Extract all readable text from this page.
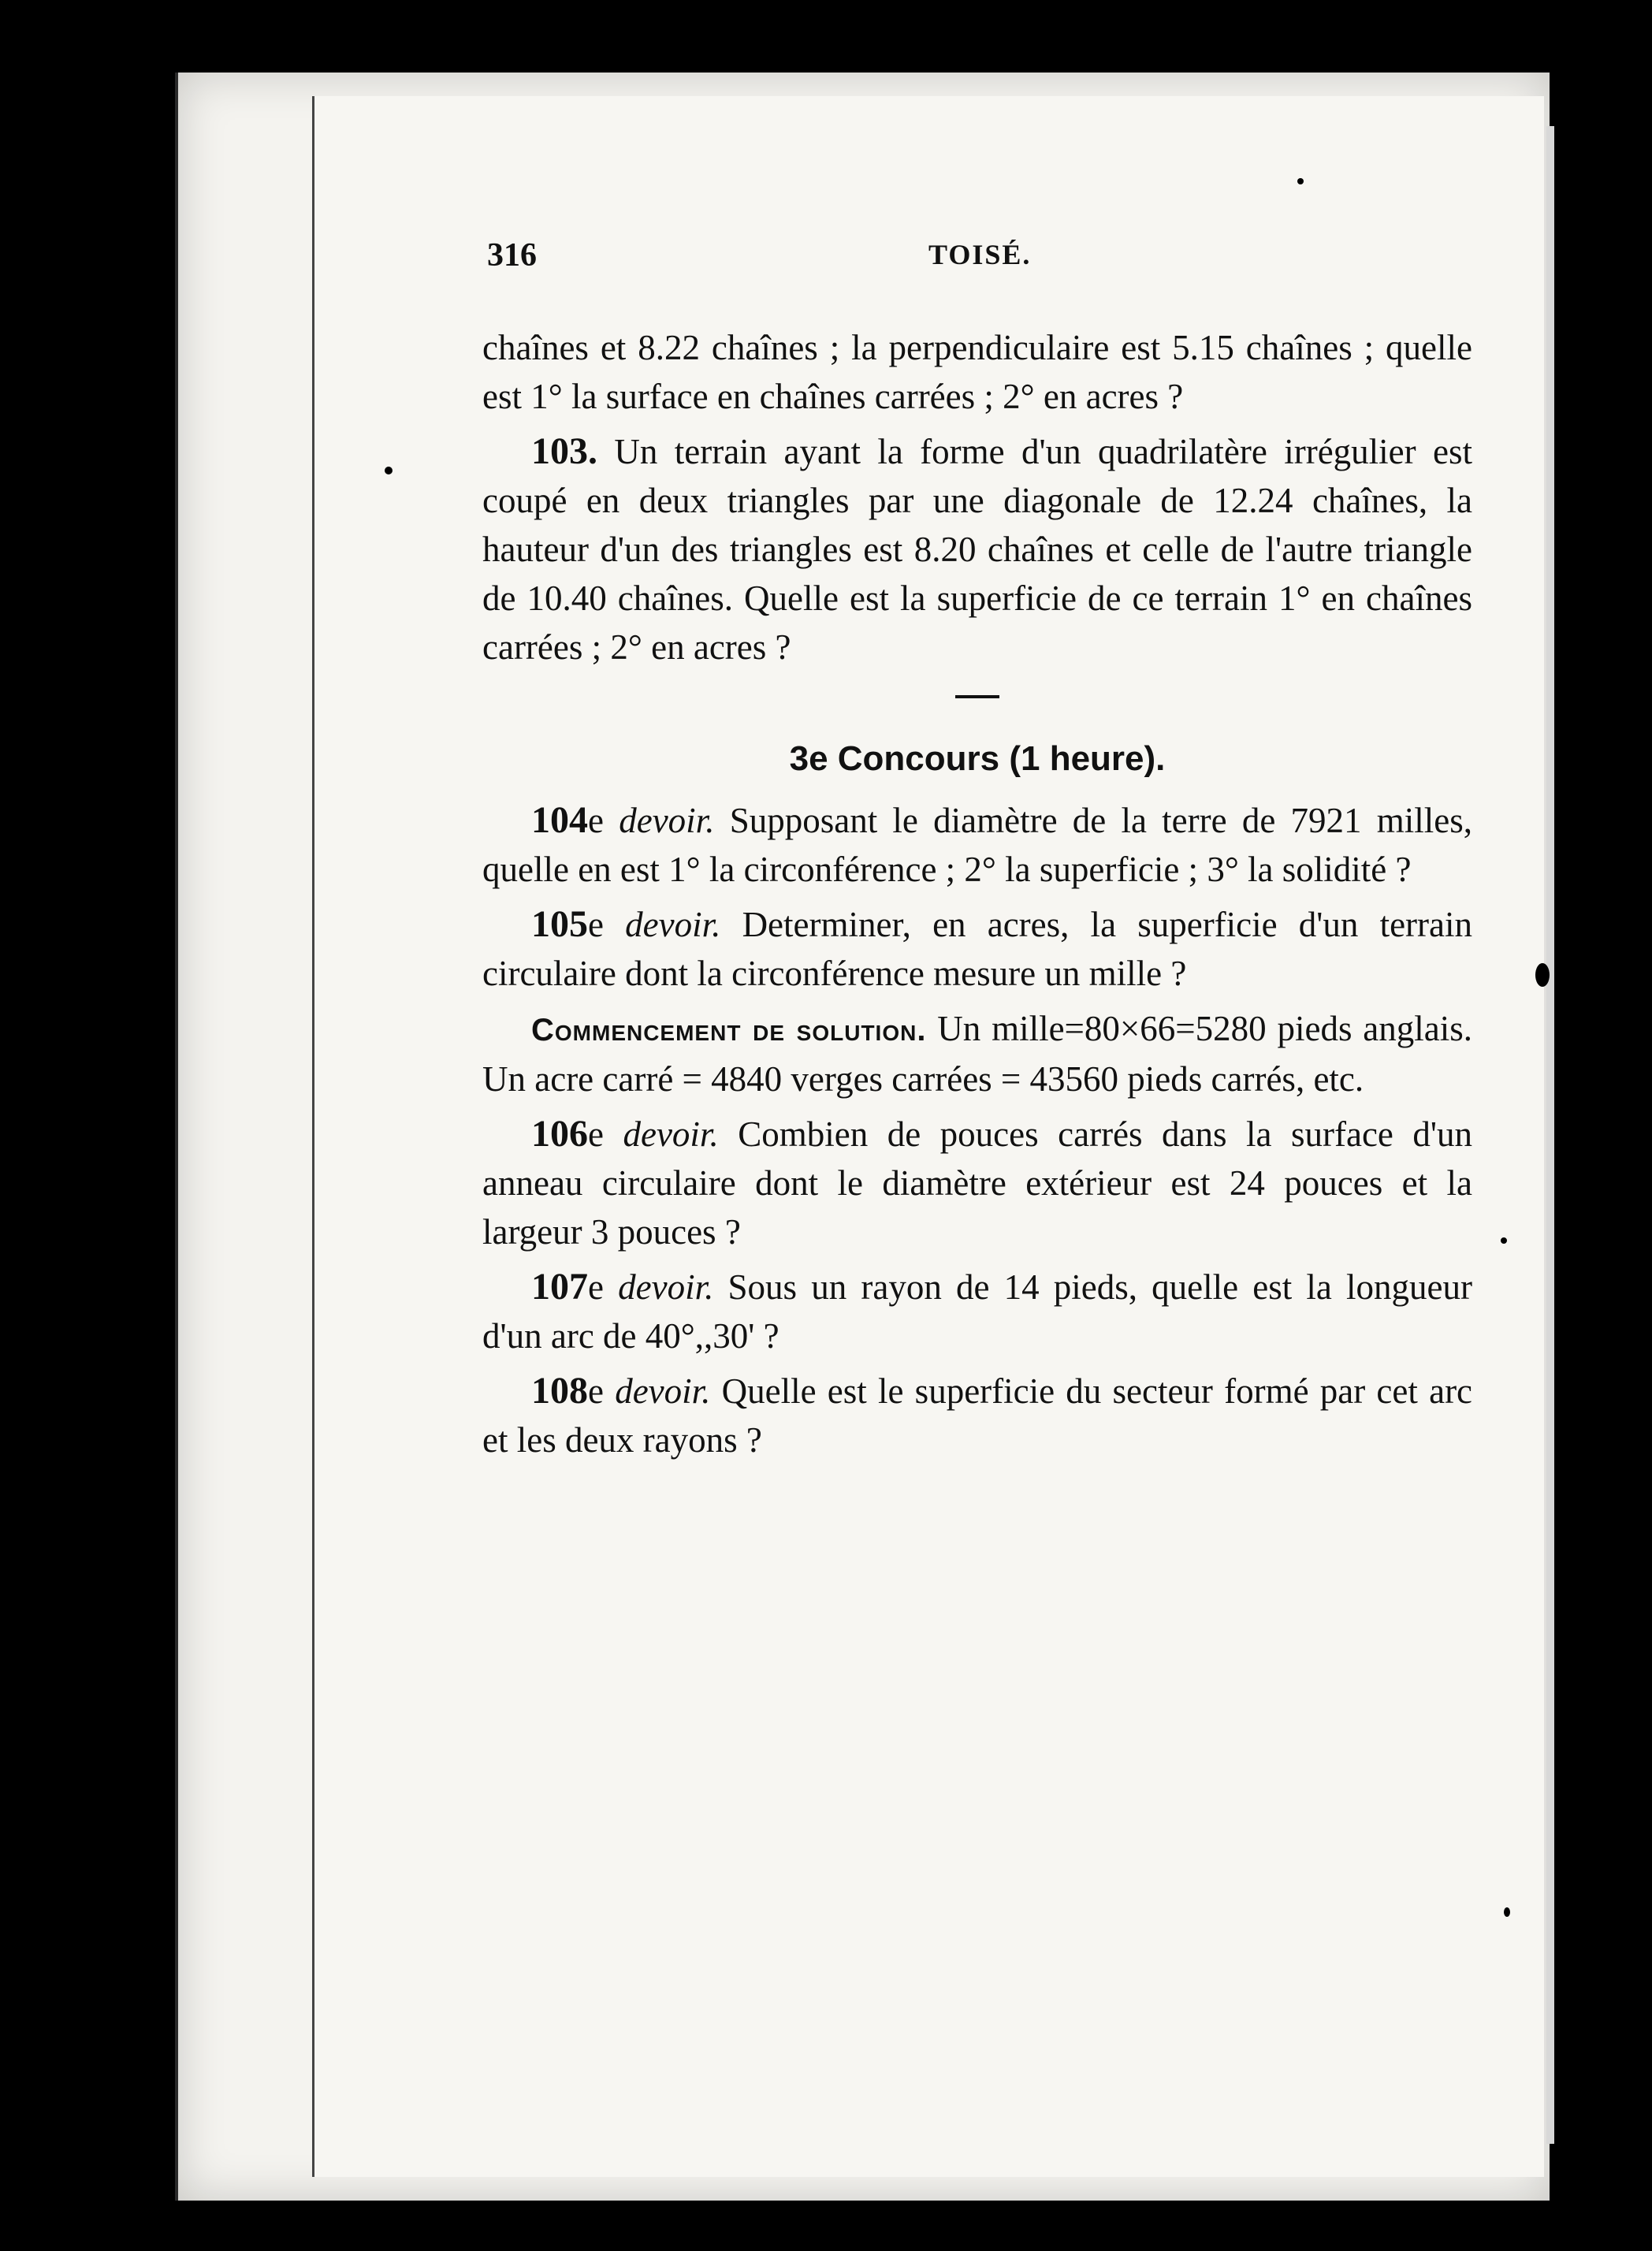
316	TOISÉ.

chaînes et 8.22 chaînes ; la perpendiculaire est 5.15 chaînes ; quelle est 1° la surface en chaînes carrées ; 2° en acres ?

103. Un terrain ayant la forme d'un quadrilatère irrégulier est coupé en deux triangles par une diagonale de 12.24 chaînes, la hauteur d'un des triangles est 8.20 chaînes et celle de l'autre triangle de 10.40 chaînes. Quelle est la superficie de ce terrain 1° en chaînes carrées ; 2° en acres ?

3e Concours (1 heure).

104e devoir. Supposant le diamètre de la terre de 7921 milles, quelle en est 1° la circonférence ; 2° la superficie ; 3° la solidité ?

105e devoir. Determiner, en acres, la superficie d'un terrain circulaire dont la circonférence mesure un mille ?

Commencement de solution. Un mille=80×66=5280 pieds anglais. Un acre carré = 4840 verges carrées = 43560 pieds carrés, etc.

106e devoir. Combien de pouces carrés dans la surface d'un anneau circulaire dont le diamètre extérieur est 24 pouces et la largeur 3 pouces ?

107e devoir. Sous un rayon de 14 pieds, quelle est la longueur d'un arc de 40°,,30' ?

108e devoir. Quelle est le superficie du secteur formé par cet arc et les deux rayons ?
